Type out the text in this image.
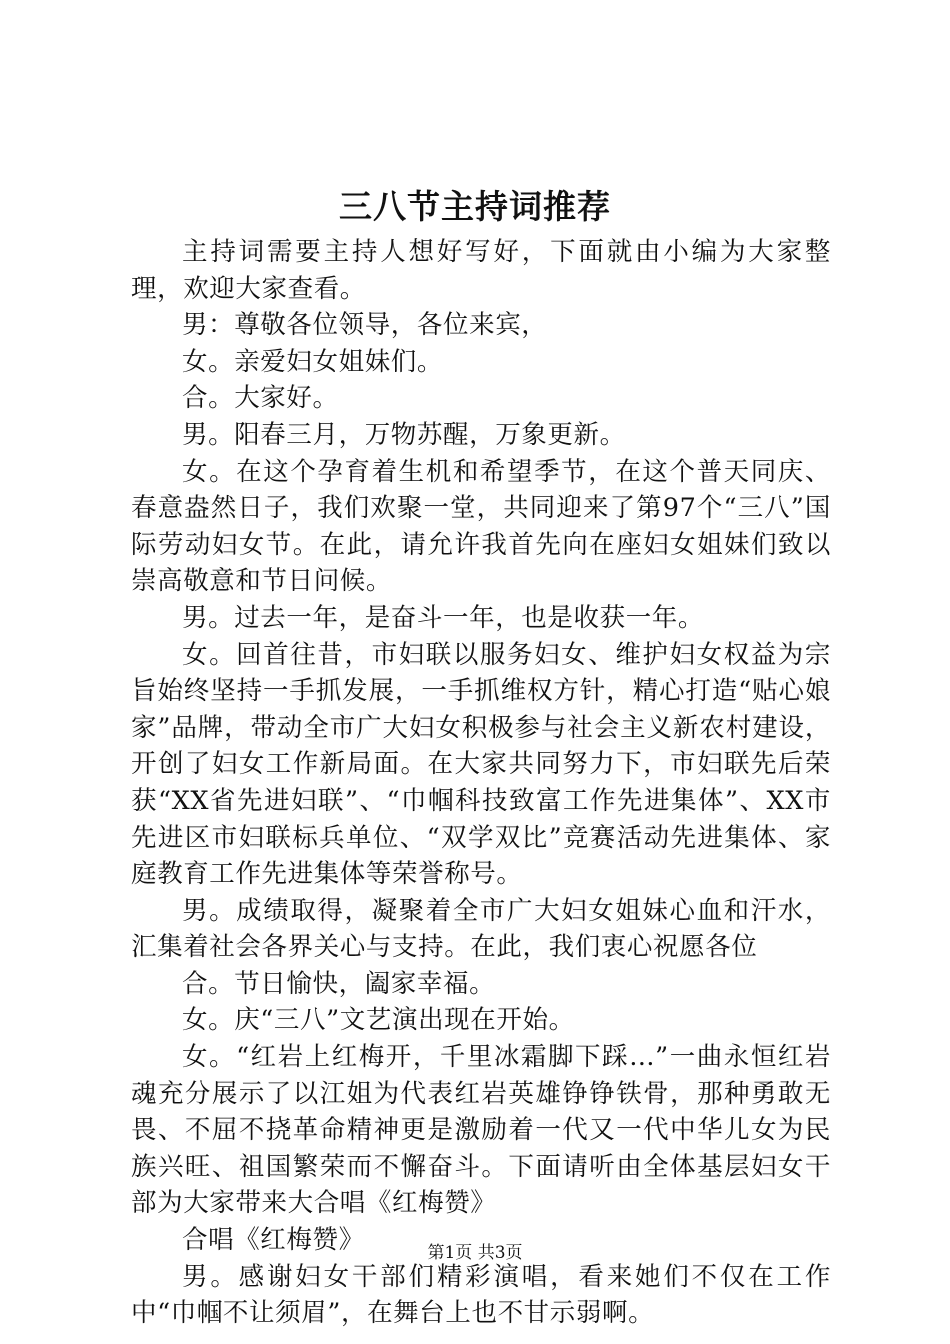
三八节主持词推荐

主持词需要主持人想好写好，下面就由小编为大家整理，欢迎大家查看。

男：尊敬各位领导，各位来宾，

女。亲爱妇女姐妹们。

合。大家好。

男。阳春三月，万物苏醒，万象更新。

女。在这个孕育着生机和希望季节，在这个普天同庆、春意盎然日子，我们欢聚一堂，共同迎来了第97个“三八”国际劳动妇女节。在此，请允许我首先向在座妇女姐妹们致以崇高敬意和节日问候。

男。过去一年，是奋斗一年，也是收获一年。

女。回首往昔，市妇联以服务妇女、维护妇女权益为宗旨始终坚持一手抓发展，一手抓维权方针，精心打造“贴心娘家”品牌，带动全市广大妇女积极参与社会主义新农村建设，开创了妇女工作新局面。在大家共同努力下，市妇联先后荣获“XX省先进妇联”、“巾帼科技致富工作先进集体”、XX市先进区市妇联标兵单位、“双学双比”竞赛活动先进集体、家庭教育工作先进集体等荣誉称号。

男。成绩取得，凝聚着全市广大妇女姐妹心血和汗水，汇集着社会各界关心与支持。在此，我们衷心祝愿各位

合。节日愉快，阖家幸福。

女。庆“三八”文艺演出现在开始。

女。“红岩上红梅开，千里冰霜脚下踩…”一曲永恒红岩魂充分展示了以江姐为代表红岩英雄铮铮铁骨，那种勇敢无畏、不屈不挠革命精神更是激励着一代又一代中华儿女为民族兴旺、祖国繁荣而不懈奋斗。下面请听由全体基层妇女干部为大家带来大合唱《红梅赞》

合唱《红梅赞》

男。感谢妇女干部们精彩演唱，看来她们不仅在工作中“巾帼不让须眉”，在舞台上也不甘示弱啊。

第1页 共3页
